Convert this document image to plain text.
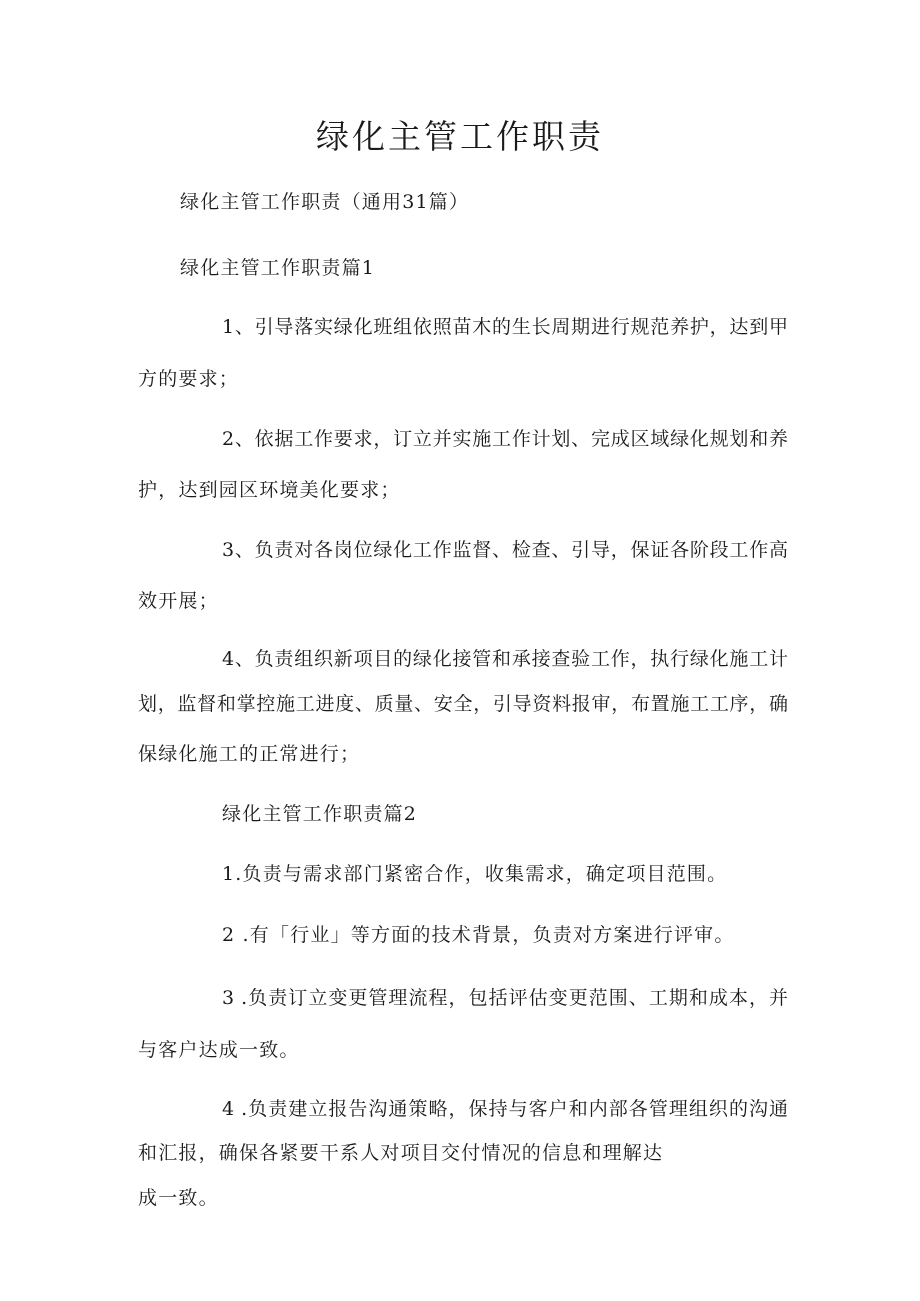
绿化主管工作职责

绿化主管工作职责（通用31篇）

绿化主管工作职责篇1

1、引导落实绿化班组依照苗木的生长周期进行规范养护，达到甲

方的要求；

2、依据工作要求，订立并实施工作计划、完成区域绿化规划和养

护，达到园区环境美化要求；

3、负责对各岗位绿化工作监督、检查、引导，保证各阶段工作高

效开展；

4、负责组织新项目的绿化接管和承接查验工作，执行绿化施工计

划，监督和掌控施工进度、质量、安全，引导资料报审，布置施工工序，确

保绿化施工的正常进行；

绿化主管工作职责篇2

1.负责与需求部门紧密合作，收集需求，确定项目范围。

2 .有「行业」等方面的技术背景，负责对方案进行评审。

3 .负责订立变更管理流程，包括评估变更范围、工期和成本，并

与客户达成一致。

4 .负责建立报告沟通策略，保持与客户和内部各管理组织的沟通

和汇报，确保各紧要干系人对项目交付情况的信息和理解达

成一致。
